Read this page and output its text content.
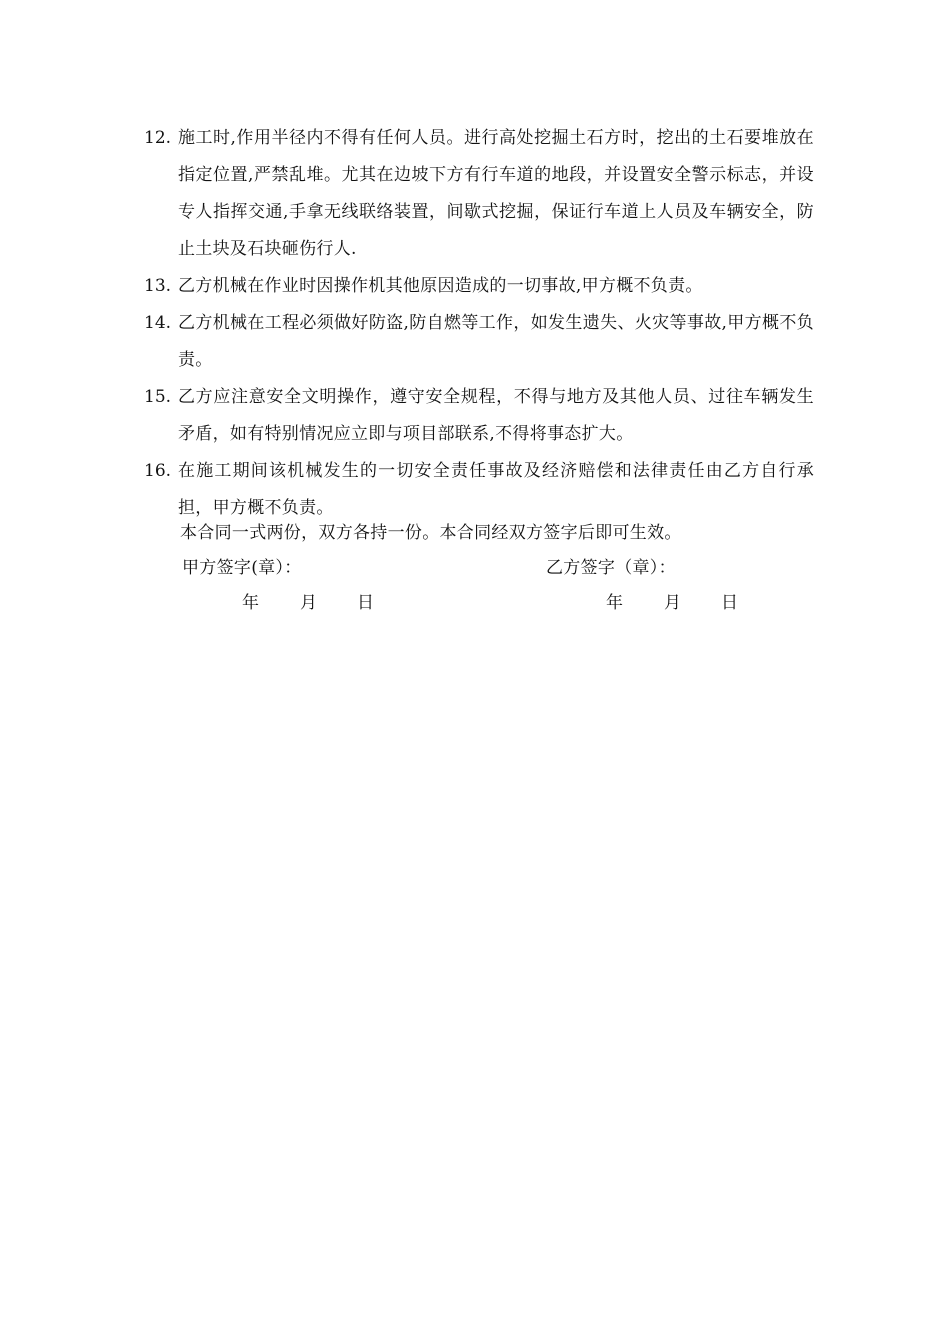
12. 施工时,作用半径内不得有任何人员。进行高处挖掘土石方时，挖出的土石要堆放在指定位置,严禁乱堆。尤其在边坡下方有行车道的地段，并设置安全警示标志，并设专人指挥交通,手拿无线联络装置，间歇式挖掘，保证行车道上人员及车辆安全，防止土块及石块砸伤行人.
13. 乙方机械在作业时因操作机其他原因造成的一切事故,甲方概不负责。
14. 乙方机械在工程必须做好防盗,防自燃等工作，如发生遗失、火灾等事故,甲方概不负责。
15. 乙方应注意安全文明操作，遵守安全规程，不得与地方及其他人员、过往车辆发生矛盾，如有特别情况应立即与项目部联系,不得将事态扩大。
16. 在施工期间该机械发生的一切安全责任事故及经济赔偿和法律责任由乙方自行承担，甲方概不负责。
本合同一式两份，双方各持一份。本合同经双方签字后即可生效。
甲方签字(章）：	乙方签字（章）：
年 月 日	年 月 日
